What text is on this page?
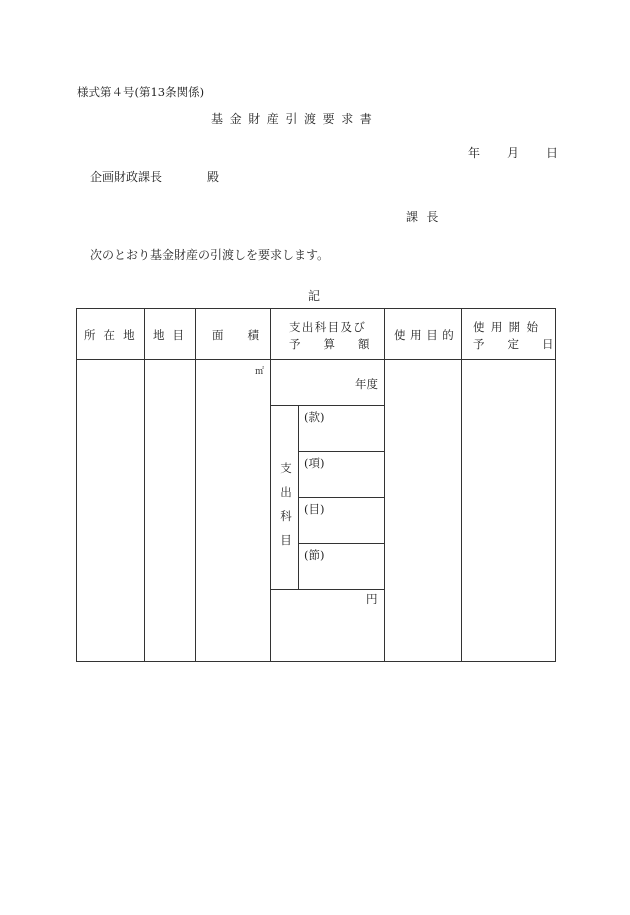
様式第４号(第13条関係)
基金財産引渡要求書
年 月 日
企画財政課長	殿
課長
次のとおり基金財産の引渡しを要求します。
記
所在地 地目 面 積
支出科目及び
予　　算　　額
使用目的
使用開始
予　　定　　日
㎡
年度
支
出
科
目
(款)
(項)
(目)
(節)
円
